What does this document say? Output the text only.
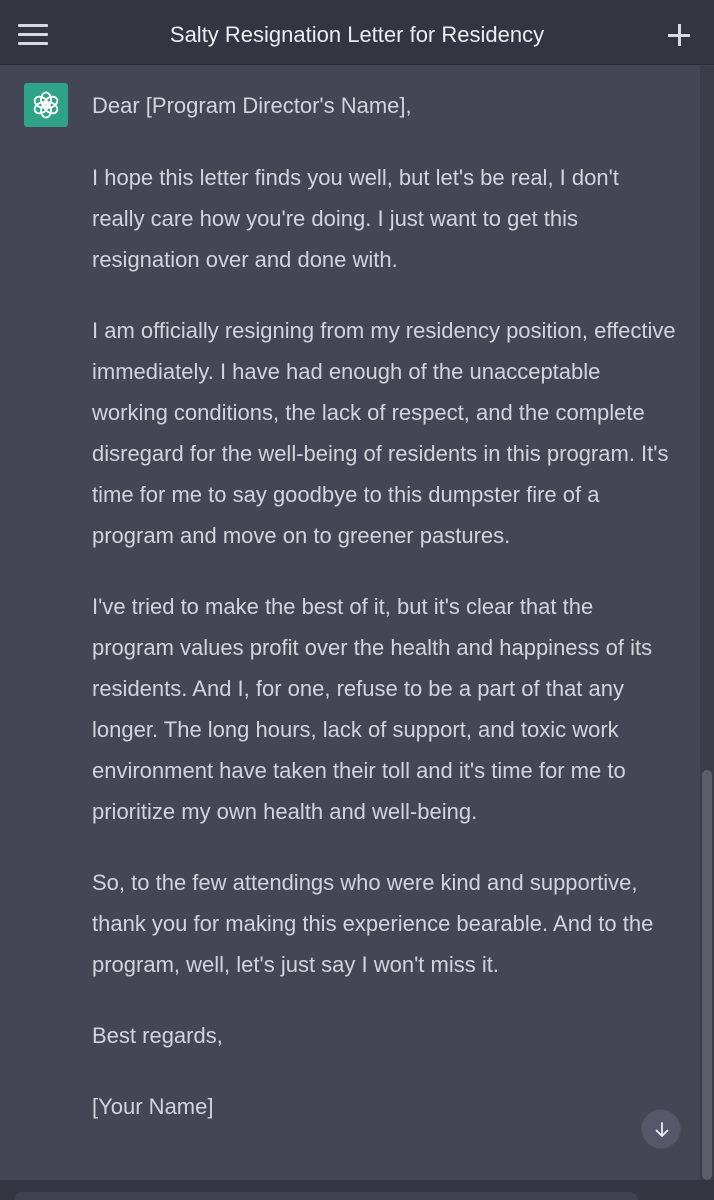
Salty Resignation Letter for Residency

Dear [Program Director's Name],

I hope this letter finds you well, but let's be real, I don't really care how you're doing. I just want to get this resignation over and done with.

I am officially resigning from my residency position, effective immediately. I have had enough of the unacceptable working conditions, the lack of respect, and the complete disregard for the well-being of residents in this program. It's time for me to say goodbye to this dumpster fire of a program and move on to greener pastures.

I've tried to make the best of it, but it's clear that the program values profit over the health and happiness of its residents. And I, for one, refuse to be a part of that any longer. The long hours, lack of support, and toxic work environment have taken their toll and it's time for me to prioritize my own health and well-being.

So, to the few attendings who were kind and supportive, thank you for making this experience bearable. And to the program, well, let's just say I won't miss it.

Best regards,

[Your Name]
